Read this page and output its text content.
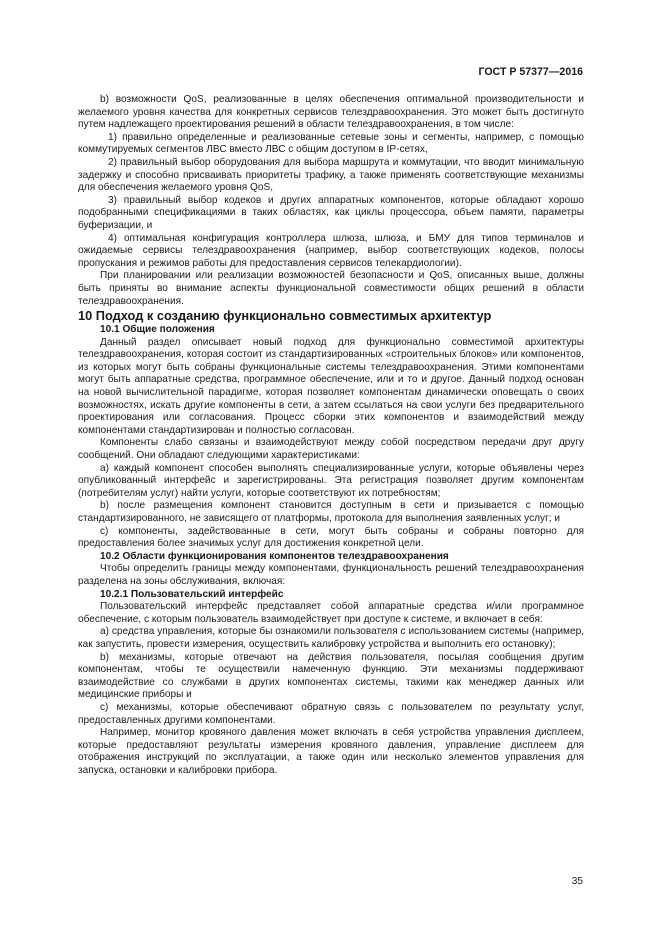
ГОСТ Р 57377—2016

b) возможности QoS, реализованные в целях обеспечения оптимальной производительности и желаемого уровня качества для конкретных сервисов телездравоохранения. Это может быть достигнуто путем надлежащего проектирования решений в области телездравоохранения, в том числе:

1) правильно определенные и реализованные сетевые зоны и сегменты, например, с помощью коммутируемых сегментов ЛВС вместо ЛВС с общим доступом в IP-сетях,

2) правильный выбор оборудования для выбора маршрута и коммутации, что вводит минимальную задержку и способно присваивать приоритеты трафику, а также применять соответствующие механизмы для обеспечения желаемого уровня QoS,

3) правильный выбор кодеков и других аппаратных компонентов, которые обладают хорошо подобранными спецификациями в таких областях, как циклы процессора, объем памяти, параметры буферизации, и

4) оптимальная конфигурация контроллера шлюза, шлюза, и БМУ для типов терминалов и ожидаемые сервисы телездравоохранения (например, выбор соответствующих кодеков, полосы пропускания и режимов работы для предоставления сервисов телекардиологии).

При планировании или реализации возможностей безопасности и QoS, описанных выше, должны быть приняты во внимание аспекты функциональной совместимости общих решений в области телездравоохранения.

10 Подход к созданию функционально совместимых архитектур

10.1 Общие положения

Данный раздел описывает новый подход для функционально совместимой архитектуры телездравоохранения, которая состоит из стандартизированных «строительных блоков» или компонентов, из которых могут быть собраны функциональные системы телездравоохранения. Этими компонентами могут быть аппаратные средства, программное обеспечение, или и то и другое. Данный подход основан на новой вычислительной парадигме, которая позволяет компонентам динамически оповещать о своих возможностях, искать другие компоненты в сети, а затем ссылаться на свои услуги без предварительного проектирования или согласования. Процесс сборки этих компонентов и взаимодействий между компонентами стандартизирован и полностью согласован.

Компоненты слабо связаны и взаимодействуют между собой посредством передачи друг другу сообщений. Они обладают следующими характеристиками:

а) каждый компонент способен выполнять специализированные услуги, которые объявлены через опубликованный интерфейс и зарегистрированы. Эта регистрация позволяет другим компонентам (потребителям услуг) найти услуги, которые соответствуют их потребностям;

b) после размещения компонент становится доступным в сети и призывается с помощью стандартизированного, не зависящего от платформы, протокола для выполнения заявленных услуг; и

с) компоненты, задействованные в сети, могут быть собраны и собраны повторно для предоставления более значимых услуг для достижения конкретной цели.

10.2 Области функционирования компонентов телездравоохранения

Чтобы определить границы между компонентами, функциональность решений телездравоохранения разделена на зоны обслуживания, включая:

10.2.1 Пользовательский интерфейс

Пользовательский интерфейс представляет собой аппаратные средства и/или программное обеспечение, с которым пользователь взаимодействует при доступе к системе, и включает в себя:

а) средства управления, которые бы ознакомили пользователя с использованием системы (например, как запустить, провести измерения, осуществить калибровку устройства и выполнить его остановку);

b) механизмы, которые отвечают на действия пользователя, посылая сообщения другим компонентам, чтобы те осуществили намеченную функцию. Эти механизмы поддерживают взаимодействие со службами в других компонентах системы, такими как менеджер данных или медицинские приборы и

с) механизмы, которые обеспечивают обратную связь с пользователем по результату услуг, предоставленных другими компонентами.

Например, монитор кровяного давления может включать в себя устройства управления дисплеем, которые предоставляют результаты измерения кровяного давления, управление дисплеем для отображения инструкций по эксплуатации, а также один или несколько элементов управления для запуска, остановки и калибровки прибора.

35
